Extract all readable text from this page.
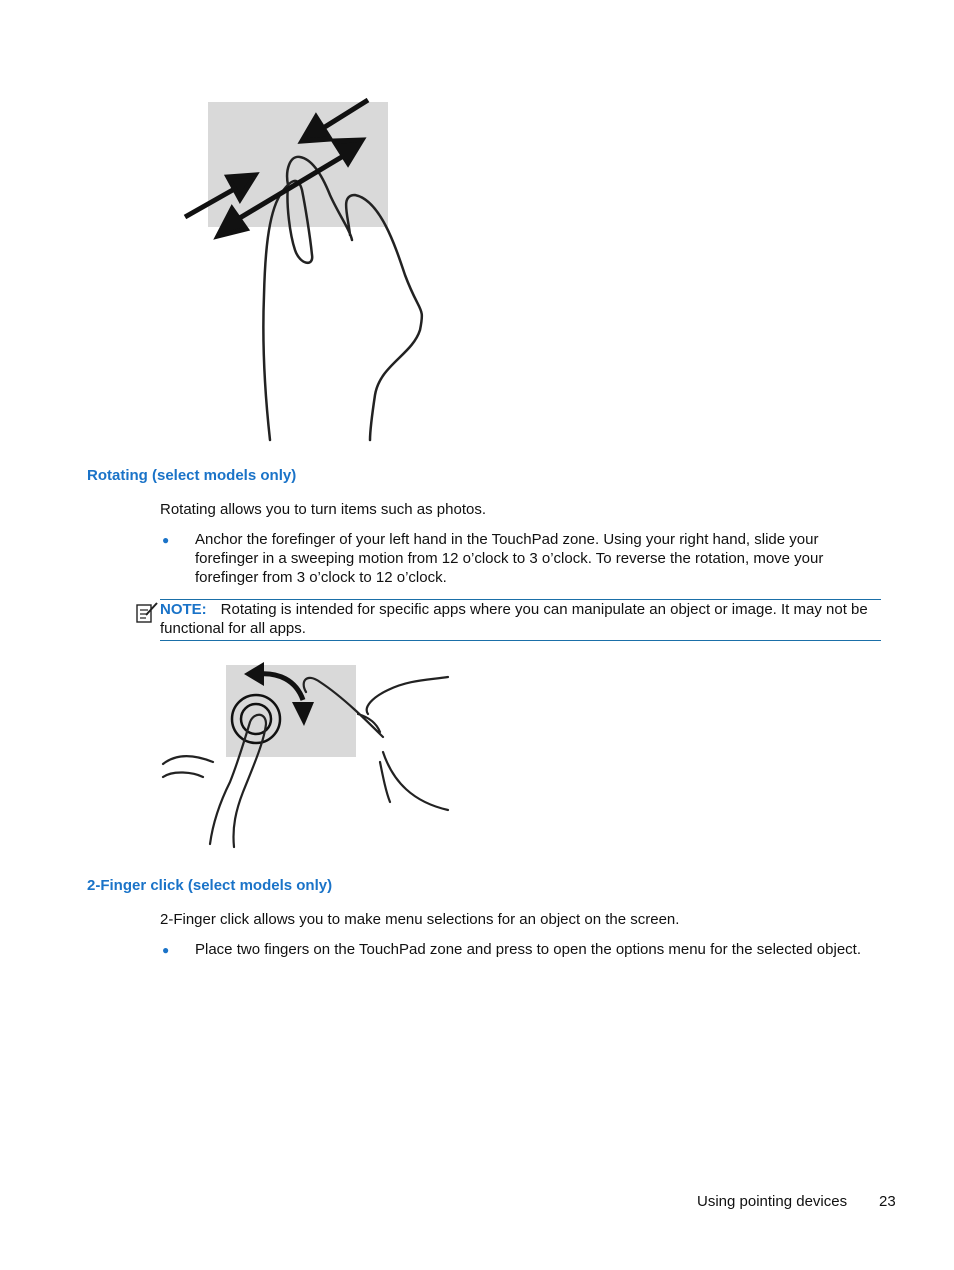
Rotating (select models only)
Rotating allows you to turn items such as photos.
● Anchor the forefinger of your left hand in the TouchPad zone. Using your right hand, slide your forefinger in a sweeping motion from 12 o’clock to 3 o’clock. To reverse the rotation, move your forefinger from 3 o’clock to 12 o’clock.
NOTE: Rotating is intended for specific apps where you can manipulate an object or image. It may not be functional for all apps.
2-Finger click (select models only)
2-Finger click allows you to make menu selections for an object on the screen.
● Place two fingers on the TouchPad zone and press to open the options menu for the selected object.
Using pointing devices 23
